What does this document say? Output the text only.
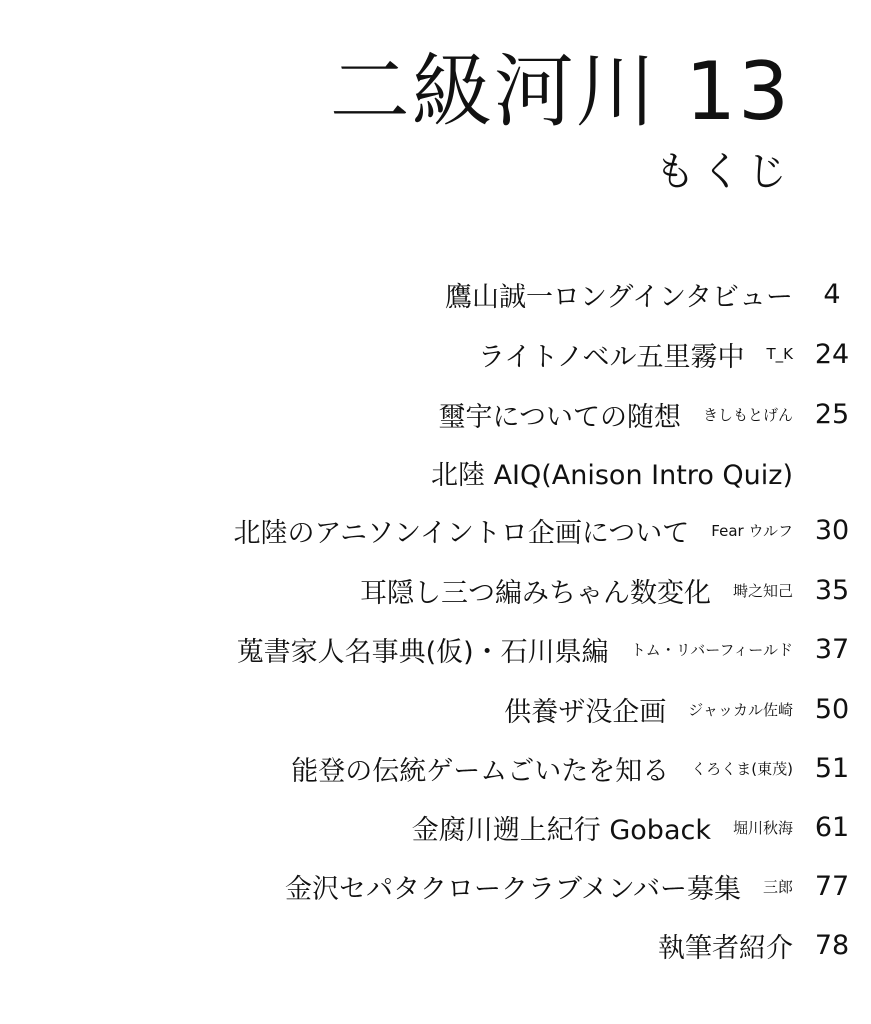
二級河川 13
もくじ
鷹山誠一ロングインタビュー	4
ライトノベル五里霧中 T_K 24
璽宇についての随想 きしもとげん 25
北陸 AIQ(Anison Intro Quiz)
北陸のアニソンイントロ企画について Fear ウルフ 30
耳隠し三つ編みちゃん数変化 塒之知己 35
蒐書家人名事典(仮)・石川県編 トム・リバーフィールド 37
供養ザ没企画 ジャッカル佐崎 50
能登の伝統ゲームごいたを知る くろくま(東茂) 51
金腐川遡上紀行 Goback 堀川秋海 61
金沢セパタクロークラブメンバー募集 三郎 77
執筆者紹介 78
